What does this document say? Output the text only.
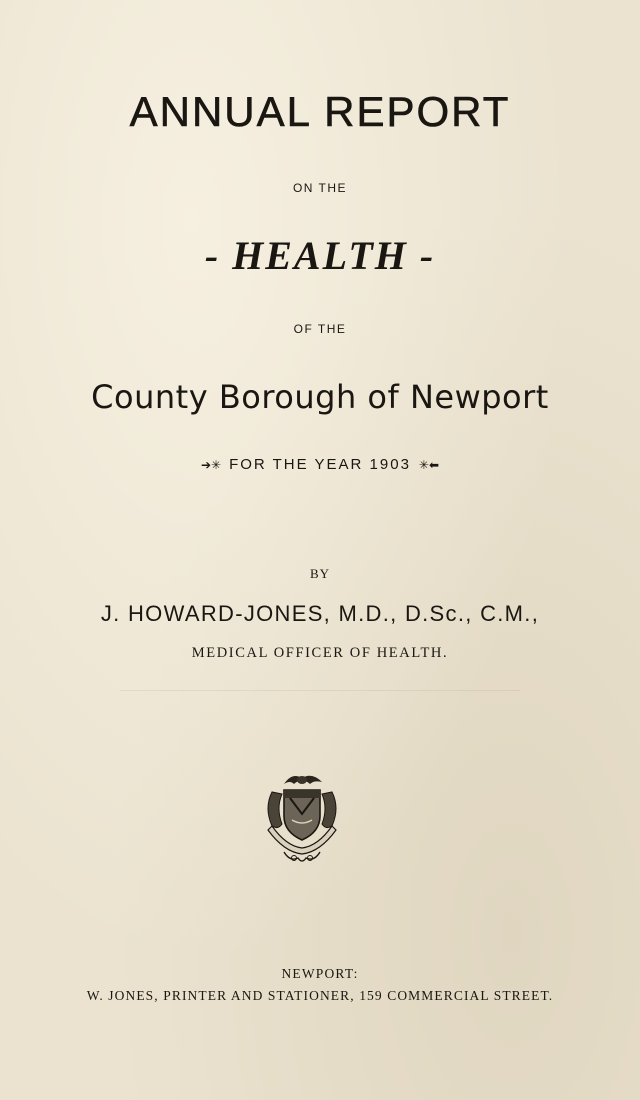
ANNUAL REPORT
ON THE
- HEALTH -
OF THE
County Borough of Newport
➔✳ FOR THE YEAR 1903 ✳⬅
BY
J. HOWARD-JONES, M.D., D.Sc., C.M.,
MEDICAL OFFICER OF HEALTH.
NEWPORT:
W. JONES, PRINTER AND STATIONER, 159 COMMERCIAL STREET.
